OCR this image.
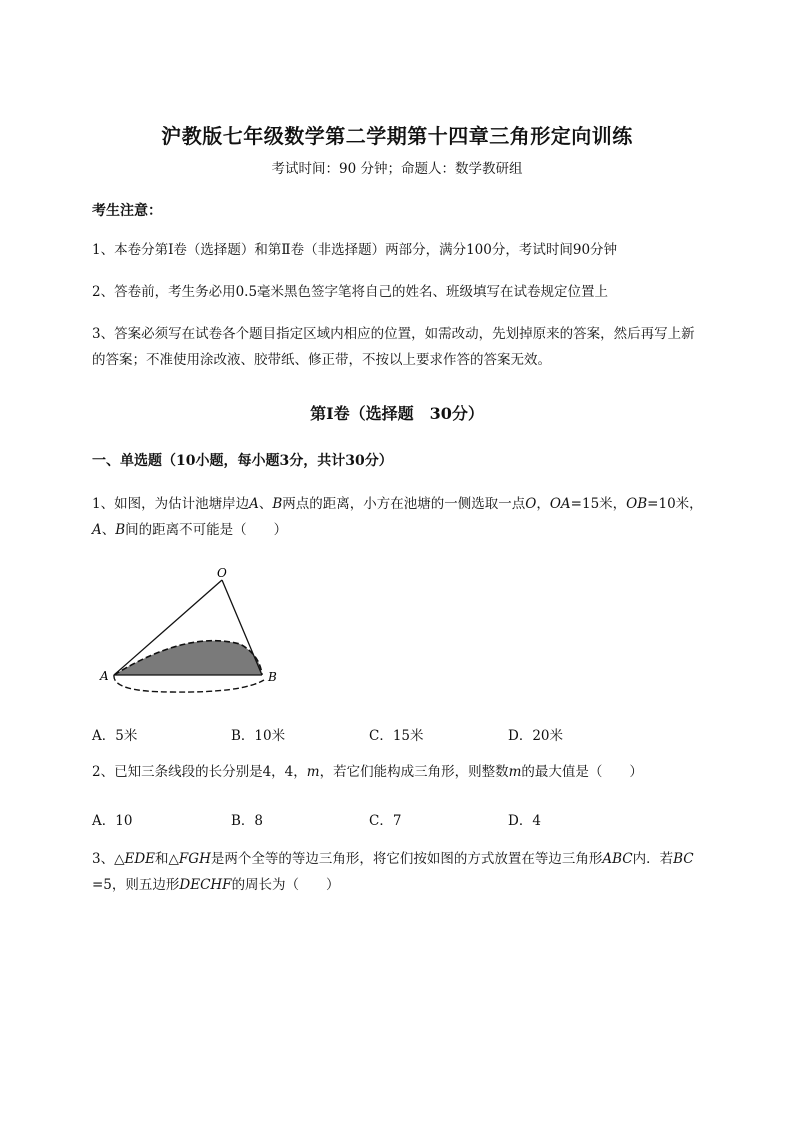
沪教版七年级数学第二学期第十四章三角形定向训练
考试时间：90 分钟；命题人：数学教研组
考生注意：
1、本卷分第Ⅰ卷（选择题）和第Ⅱ卷（非选择题）两部分，满分100分，考试时间90分钟
2、答卷前，考生务必用0.5毫米黑色签字笔将自己的姓名、班级填写在试卷规定位置上
3、答案必须写在试卷各个题目指定区域内相应的位置，如需改动，先划掉原来的答案，然后再写上新
的答案；不准使用涂改液、胶带纸、修正带，不按以上要求作答的答案无效。
第Ⅰ卷（选择题　30分）
一、单选题（10小题，每小题3分，共计30分）
1、如图，为估计池塘岸边A、B两点的距离，小方在池塘的一侧选取一点O，OA=15米，OB=10米，
A、B间的距离不可能是（　　）
O
A	B
A．5米	B．10米	C．15米	D．20米
2、已知三条线段的长分别是4，4，m，若它们能构成三角形，则整数m的最大值是（　　）
A．10	B．8	C．7	D．4
3、△EDE和△FGH是两个全等的等边三角形，将它们按如图的方式放置在等边三角形ABC内．若BC
=5，则五边形DECHF的周长为（　　）
